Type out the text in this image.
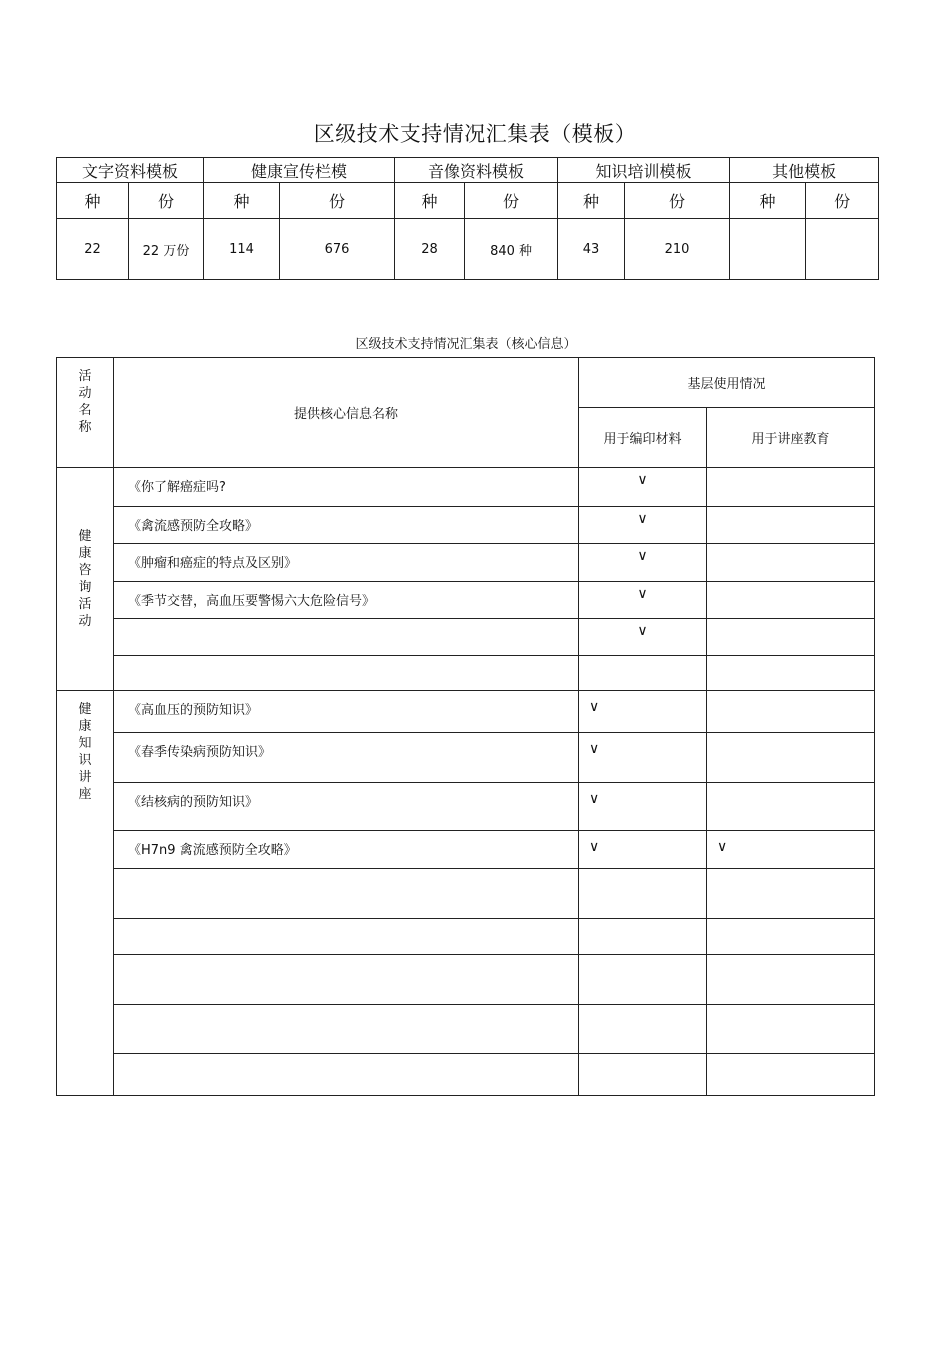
区级技术支持情况汇集表（模板）
文字资料模板		健康宣传栏模		音像资料模板		知识培训模板		其他模板	
种	份	种	份	种	份	种	份	种	份
22	22 万份	114	676	28	840 种	43	210		
区级技术支持情况汇集表（核心信息）
活动名称	提供核心信息名称	基层使用情况	
		用于编印材料	用于讲座教育
健康咨询活动	《你了解癌症吗?	∨	
	《禽流感预防全攻略》	∨	
	《肿瘤和癌症的特点及区别》	∨	
	《季节交替，高血压要警惕六大危险信号》	∨	
		∨	

健康知识讲座	《高血压的预防知识》	∨	
	《春季传染病预防知识》	∨	
	《结核病的预防知识》	∨	
	《H7n9 禽流感预防全攻略》	∨	∨
